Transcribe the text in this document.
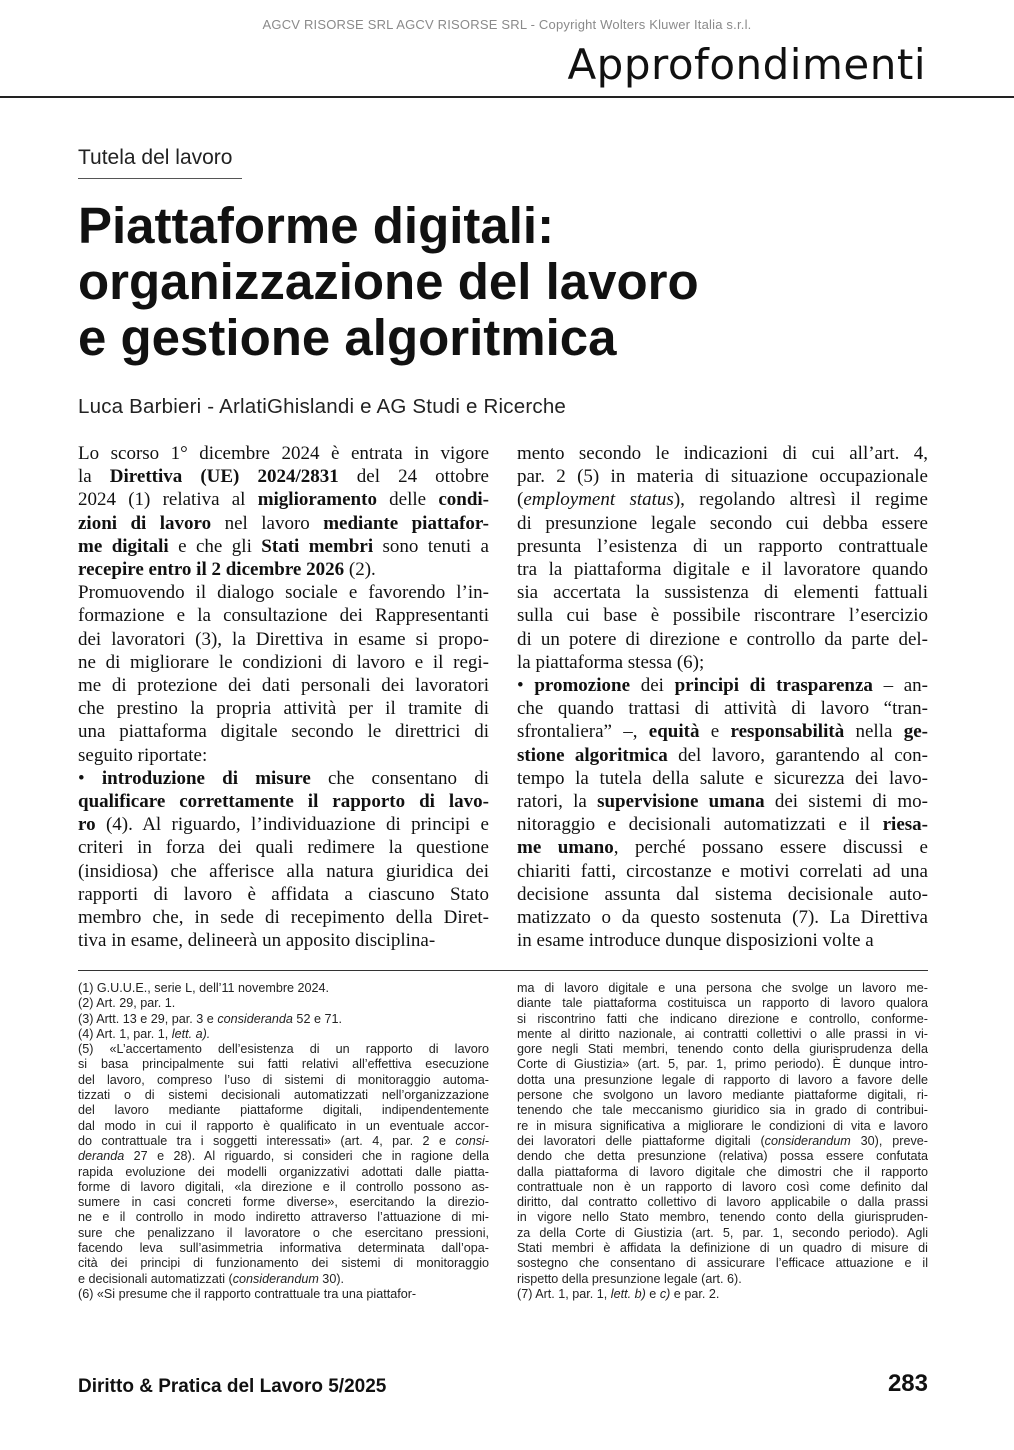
AGCV RISORSE SRL AGCV RISORSE SRL - Copyright Wolters Kluwer Italia s.r.l.
Approfondimenti
Tutela del lavoro
Piattaforme digitali:
organizzazione del lavoro
e gestione algoritmica
Luca Barbieri - ArlatiGhislandi e AG Studi e Ricerche
Lo scorso 1° dicembre 2024 è entrata in vigore
la Direttiva (UE) 2024/2831 del 24 ottobre
2024 (1) relativa al miglioramento delle condi-
zioni di lavoro nel lavoro mediante piattafor-
me digitali e che gli Stati membri sono tenuti a
recepire entro il 2 dicembre 2026 (2).
Promuovendo il dialogo sociale e favorendo l’in-
formazione e la consultazione dei Rappresentanti
dei lavoratori (3), la Direttiva in esame si propo-
ne di migliorare le condizioni di lavoro e il regi-
me di protezione dei dati personali dei lavoratori
che prestino la propria attività per il tramite di
una piattaforma digitale secondo le direttrici di
seguito riportate:
• introduzione di misure che consentano di
qualificare correttamente il rapporto di lavo-
ro (4). Al riguardo, l’individuazione di principi e
criteri in forza dei quali redimere la questione
(insidiosa) che afferisce alla natura giuridica dei
rapporti di lavoro è affidata a ciascuno Stato
membro che, in sede di recepimento della Diret-
tiva in esame, delineerà un apposito disciplina-
mento secondo le indicazioni di cui all’art. 4,
par. 2 (5) in materia di situazione occupazionale
(employment status), regolando altresì il regime
di presunzione legale secondo cui debba essere
presunta l’esistenza di un rapporto contrattuale
tra la piattaforma digitale e il lavoratore quando
sia accertata la sussistenza di elementi fattuali
sulla cui base è possibile riscontrare l’esercizio
di un potere di direzione e controllo da parte del-
la piattaforma stessa (6);
• promozione dei principi di trasparenza – an-
che quando trattasi di attività di lavoro “tran-
sfrontaliera” –, equità e responsabilità nella ge-
stione algoritmica del lavoro, garantendo al con-
tempo la tutela della salute e sicurezza dei lavo-
ratori, la supervisione umana dei sistemi di mo-
nitoraggio e decisionali automatizzati e il riesa-
me umano, perché possano essere discussi e
chiariti fatti, circostanze e motivi correlati ad una
decisione assunta dal sistema decisionale auto-
matizzato o da questo sostenuta (7). La Direttiva
in esame introduce dunque disposizioni volte a
(1) G.U.U.E., serie L, dell’11 novembre 2024.
(2) Art. 29, par. 1.
(3) Artt. 13 e 29, par. 3 e consideranda 52 e 71.
(4) Art. 1, par. 1, lett. a).
(5) «L’accertamento dell’esistenza di un rapporto di lavoro
si basa principalmente sui fatti relativi all’effettiva esecuzione
del lavoro, compreso l’uso di sistemi di monitoraggio automa-
tizzati o di sistemi decisionali automatizzati nell’organizzazione
del lavoro mediante piattaforme digitali, indipendentemente
dal modo in cui il rapporto è qualificato in un eventuale accor-
do contrattuale tra i soggetti interessati» (art. 4, par. 2 e consi-
deranda 27 e 28). Al riguardo, si consideri che in ragione della
rapida evoluzione dei modelli organizzativi adottati dalle piatta-
forme di lavoro digitali, «la direzione e il controllo possono as-
sumere in casi concreti forme diverse», esercitando la direzio-
ne e il controllo in modo indiretto attraverso l’attuazione di mi-
sure che penalizzano il lavoratore o che esercitano pressioni,
facendo leva sull’asimmetria informativa determinata dall’opa-
cità dei principi di funzionamento dei sistemi di monitoraggio
e decisionali automatizzati (considerandum 30).
(6) «Si presume che il rapporto contrattuale tra una piattafor-
ma di lavoro digitale e una persona che svolge un lavoro me-
diante tale piattaforma costituisca un rapporto di lavoro qualora
si riscontrino fatti che indicano direzione e controllo, conforme-
mente al diritto nazionale, ai contratti collettivi o alle prassi in vi-
gore negli Stati membri, tenendo conto della giurisprudenza della
Corte di Giustizia» (art. 5, par. 1, primo periodo). È dunque intro-
dotta una presunzione legale di rapporto di lavoro a favore delle
persone che svolgono un lavoro mediante piattaforme digitali, ri-
tenendo che tale meccanismo giuridico sia in grado di contribui-
re in misura significativa a migliorare le condizioni di vita e lavoro
dei lavoratori delle piattaforme digitali (considerandum 30), preve-
dendo che detta presunzione (relativa) possa essere confutata
dalla piattaforma di lavoro digitale che dimostri che il rapporto
contrattuale non è un rapporto di lavoro così come definito dal
diritto, dal contratto collettivo di lavoro applicabile o dalla prassi
in vigore nello Stato membro, tenendo conto della giurispruden-
za della Corte di Giustizia (art. 5, par. 1, secondo periodo). Agli
Stati membri è affidata la definizione di un quadro di misure di
sostegno che consentano di assicurare l’efficace attuazione e il
rispetto della presunzione legale (art. 6).
(7) Art. 1, par. 1, lett. b) e c) e par. 2.
Diritto & Pratica del Lavoro 5/2025	283
